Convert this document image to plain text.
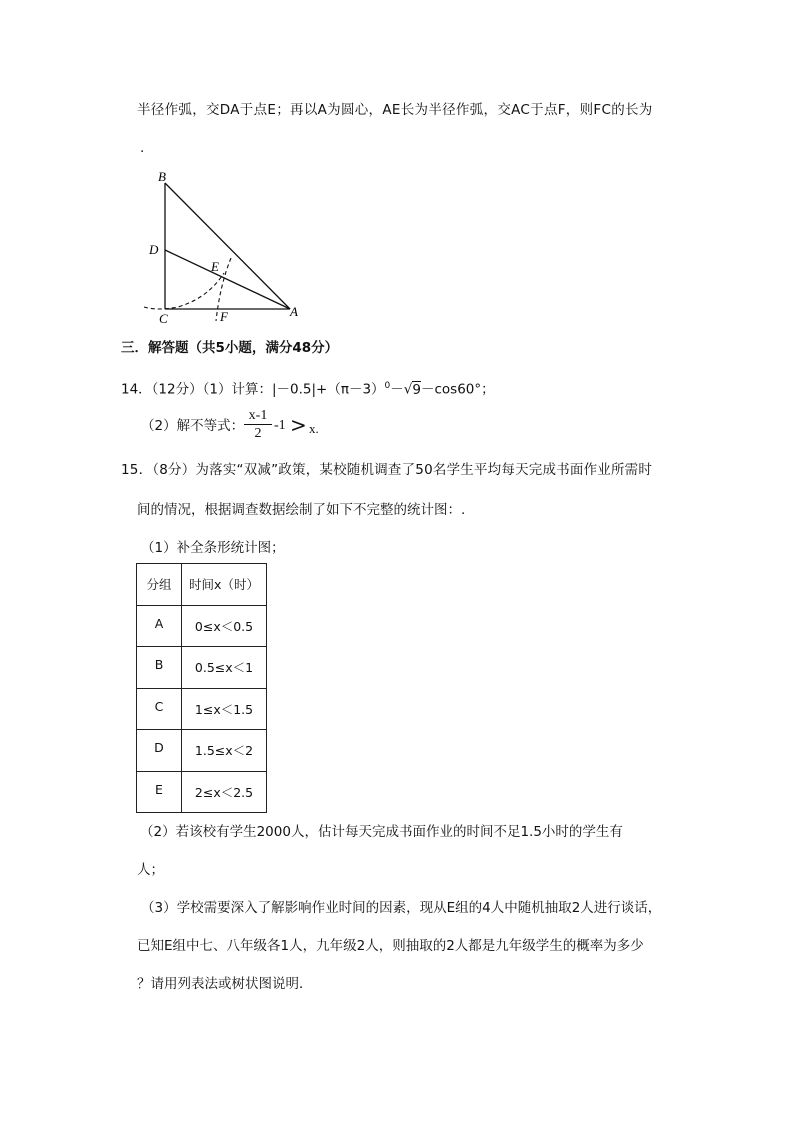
半径作弧，交DA于点E；再以A为圆心，AE长为半径作弧，交AC于点F，则FC的长为
.
B
D
E
C	F	A
三．解答题（共5小题，满分48分）
14．（12分）（1）计算：$|-0.5|+(\pi-3)^0-√9-\cos 60^\circ$；
（2）解不等式： $\frac{x-1}{2} -1 > x$.
15．（8分）为落实“双减”政策，某校随机调查了50名学生平均每天完成书面作业所需时
间的情况，根据调查数据绘制了如下不完整的统计图：.
（1）补全条形统计图；
分组	时间x（时）
A	0≤x＜0.5
B	0.5≤x＜1
C	1≤x＜1.5
D	1.5≤x＜2
E	2≤x＜2.5
（2）若该校有学生2000人，估计每天完成书面作业的时间不足1.5小时的学生有
人；
（3）学校需要深入了解影响作业时间的因素，现从E组的4人中随机抽取2人进行谈话，
已知E组中七、八年级各1人，九年级2人，则抽取的2人都是九年级学生的概率为多少
？请用列表法或树状图说明．
